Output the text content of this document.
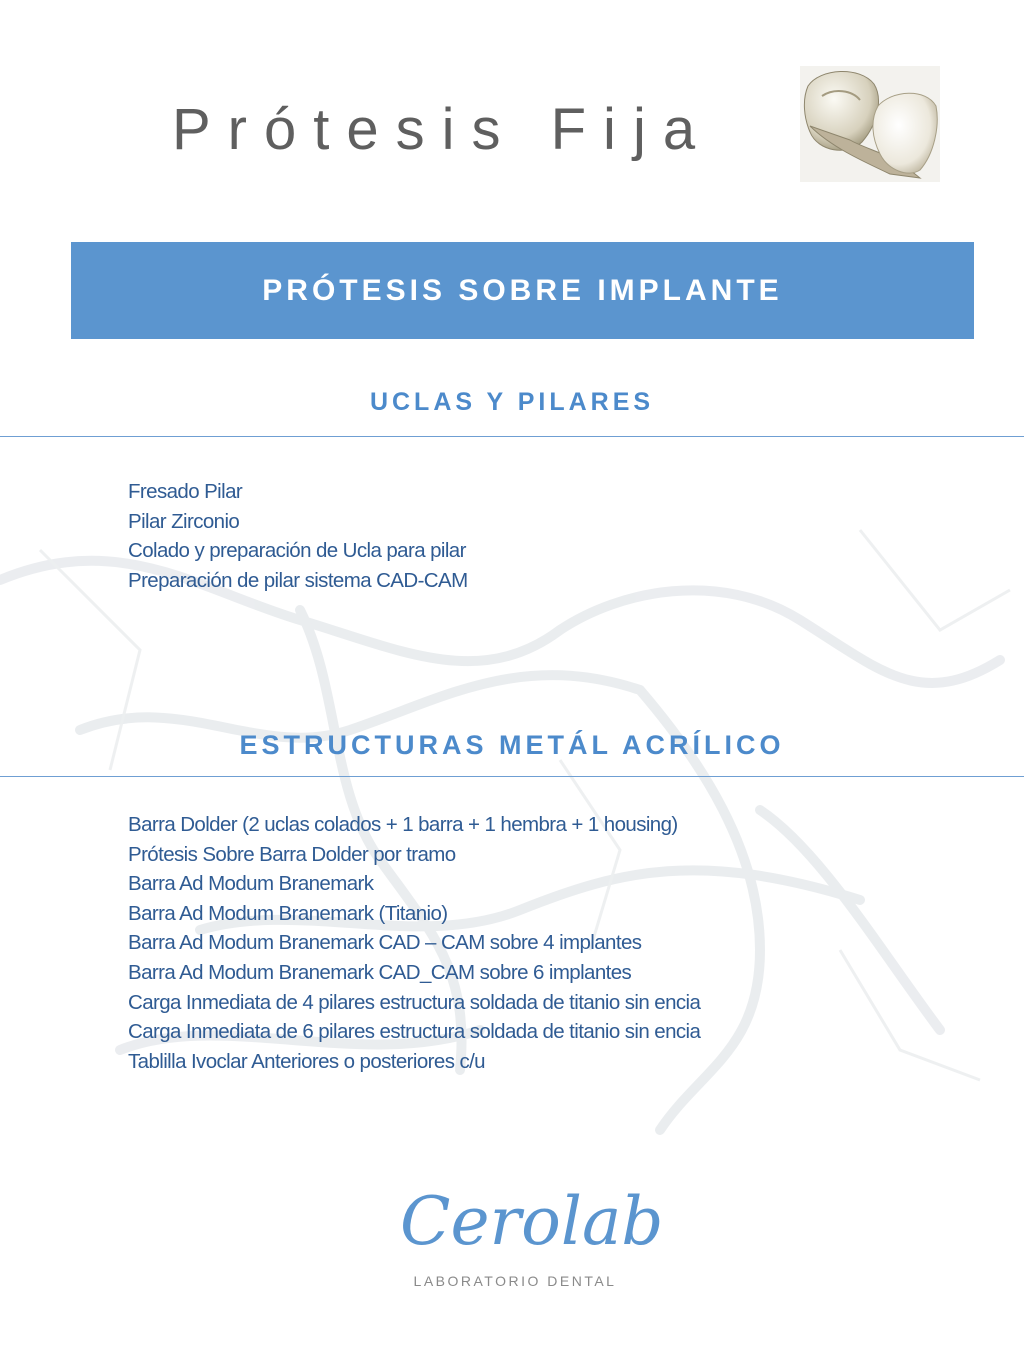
Prótesis Fija
PRÓTESIS SOBRE IMPLANTE
UCLAS Y PILARES
Fresado Pilar
Pilar Zirconio
Colado y preparación de Ucla para pilar
Preparación de pilar sistema CAD-CAM
ESTRUCTURAS METÁL ACRÍLICO
Barra Dolder (2 uclas colados + 1 barra + 1 hembra + 1 housing)
Prótesis Sobre Barra Dolder por tramo
Barra Ad Modum Branemark
Barra Ad Modum Branemark (Titanio)
Barra Ad Modum Branemark CAD – CAM sobre 4 implantes
Barra Ad Modum Branemark CAD_CAM sobre 6 implantes
Carga Inmediata de 4 pilares estructura soldada de titanio sin encia
Carga Inmediata de 6 pilares estructura soldada de titanio sin encia
Tablilla Ivoclar Anteriores o posteriores c/u
Cerolab
LABORATORIO DENTAL
